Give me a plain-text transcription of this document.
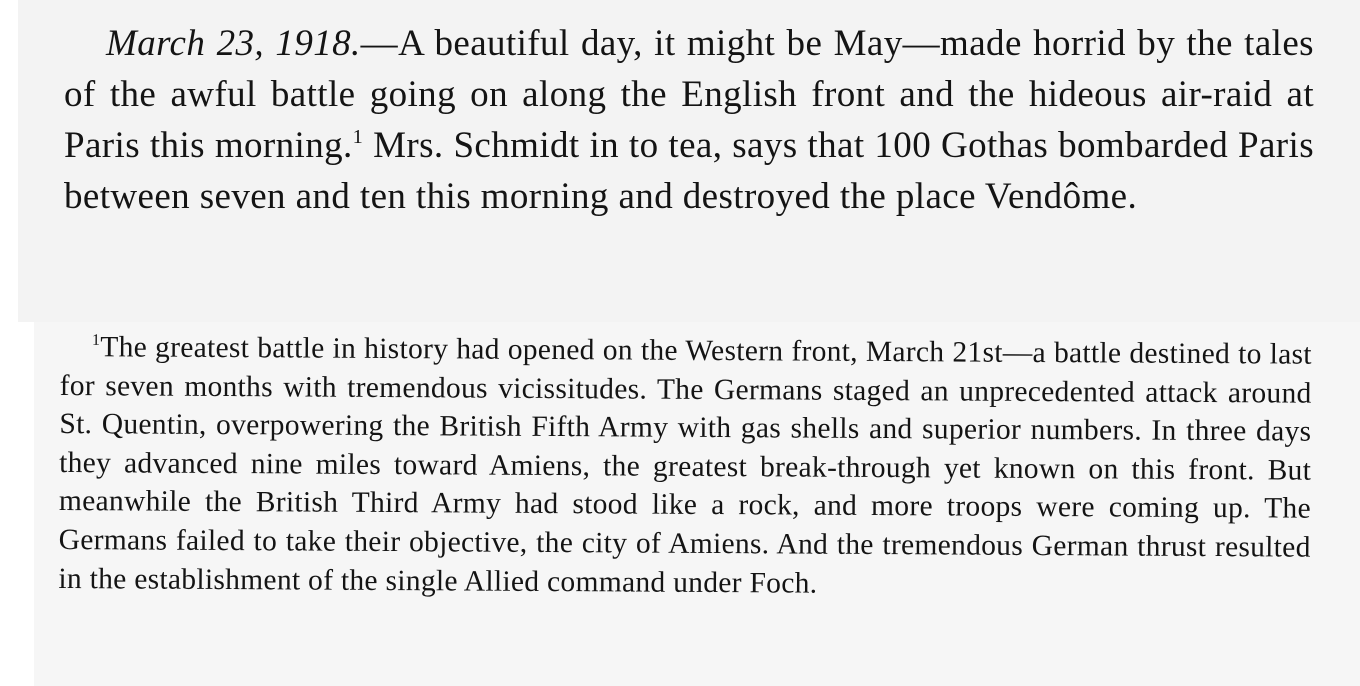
March 23, 1918.—A beautiful day, it might be May—made horrid by the tales of the awful battle going on along the English front and the hideous air-raid at Paris this morning.$^1$ Mrs. Schmidt in to tea, says that 100 Gothas bombarded Paris between seven and ten this morning and destroyed the place Vendôme.

$^1$The greatest battle in history had opened on the Western front, March 21st—a battle destined to last for seven months with tremendous vicissitudes. The Germans staged an unprecedented attack around St. Quentin, overpowering the British Fifth Army with gas shells and superior numbers. In three days they advanced nine miles toward Amiens, the greatest break-through yet known on this front. But meanwhile the British Third Army had stood like a rock, and more troops were coming up. The Germans failed to take their objective, the city of Amiens. And the tremendous German thrust resulted in the establishment of the single Allied command under Foch.
